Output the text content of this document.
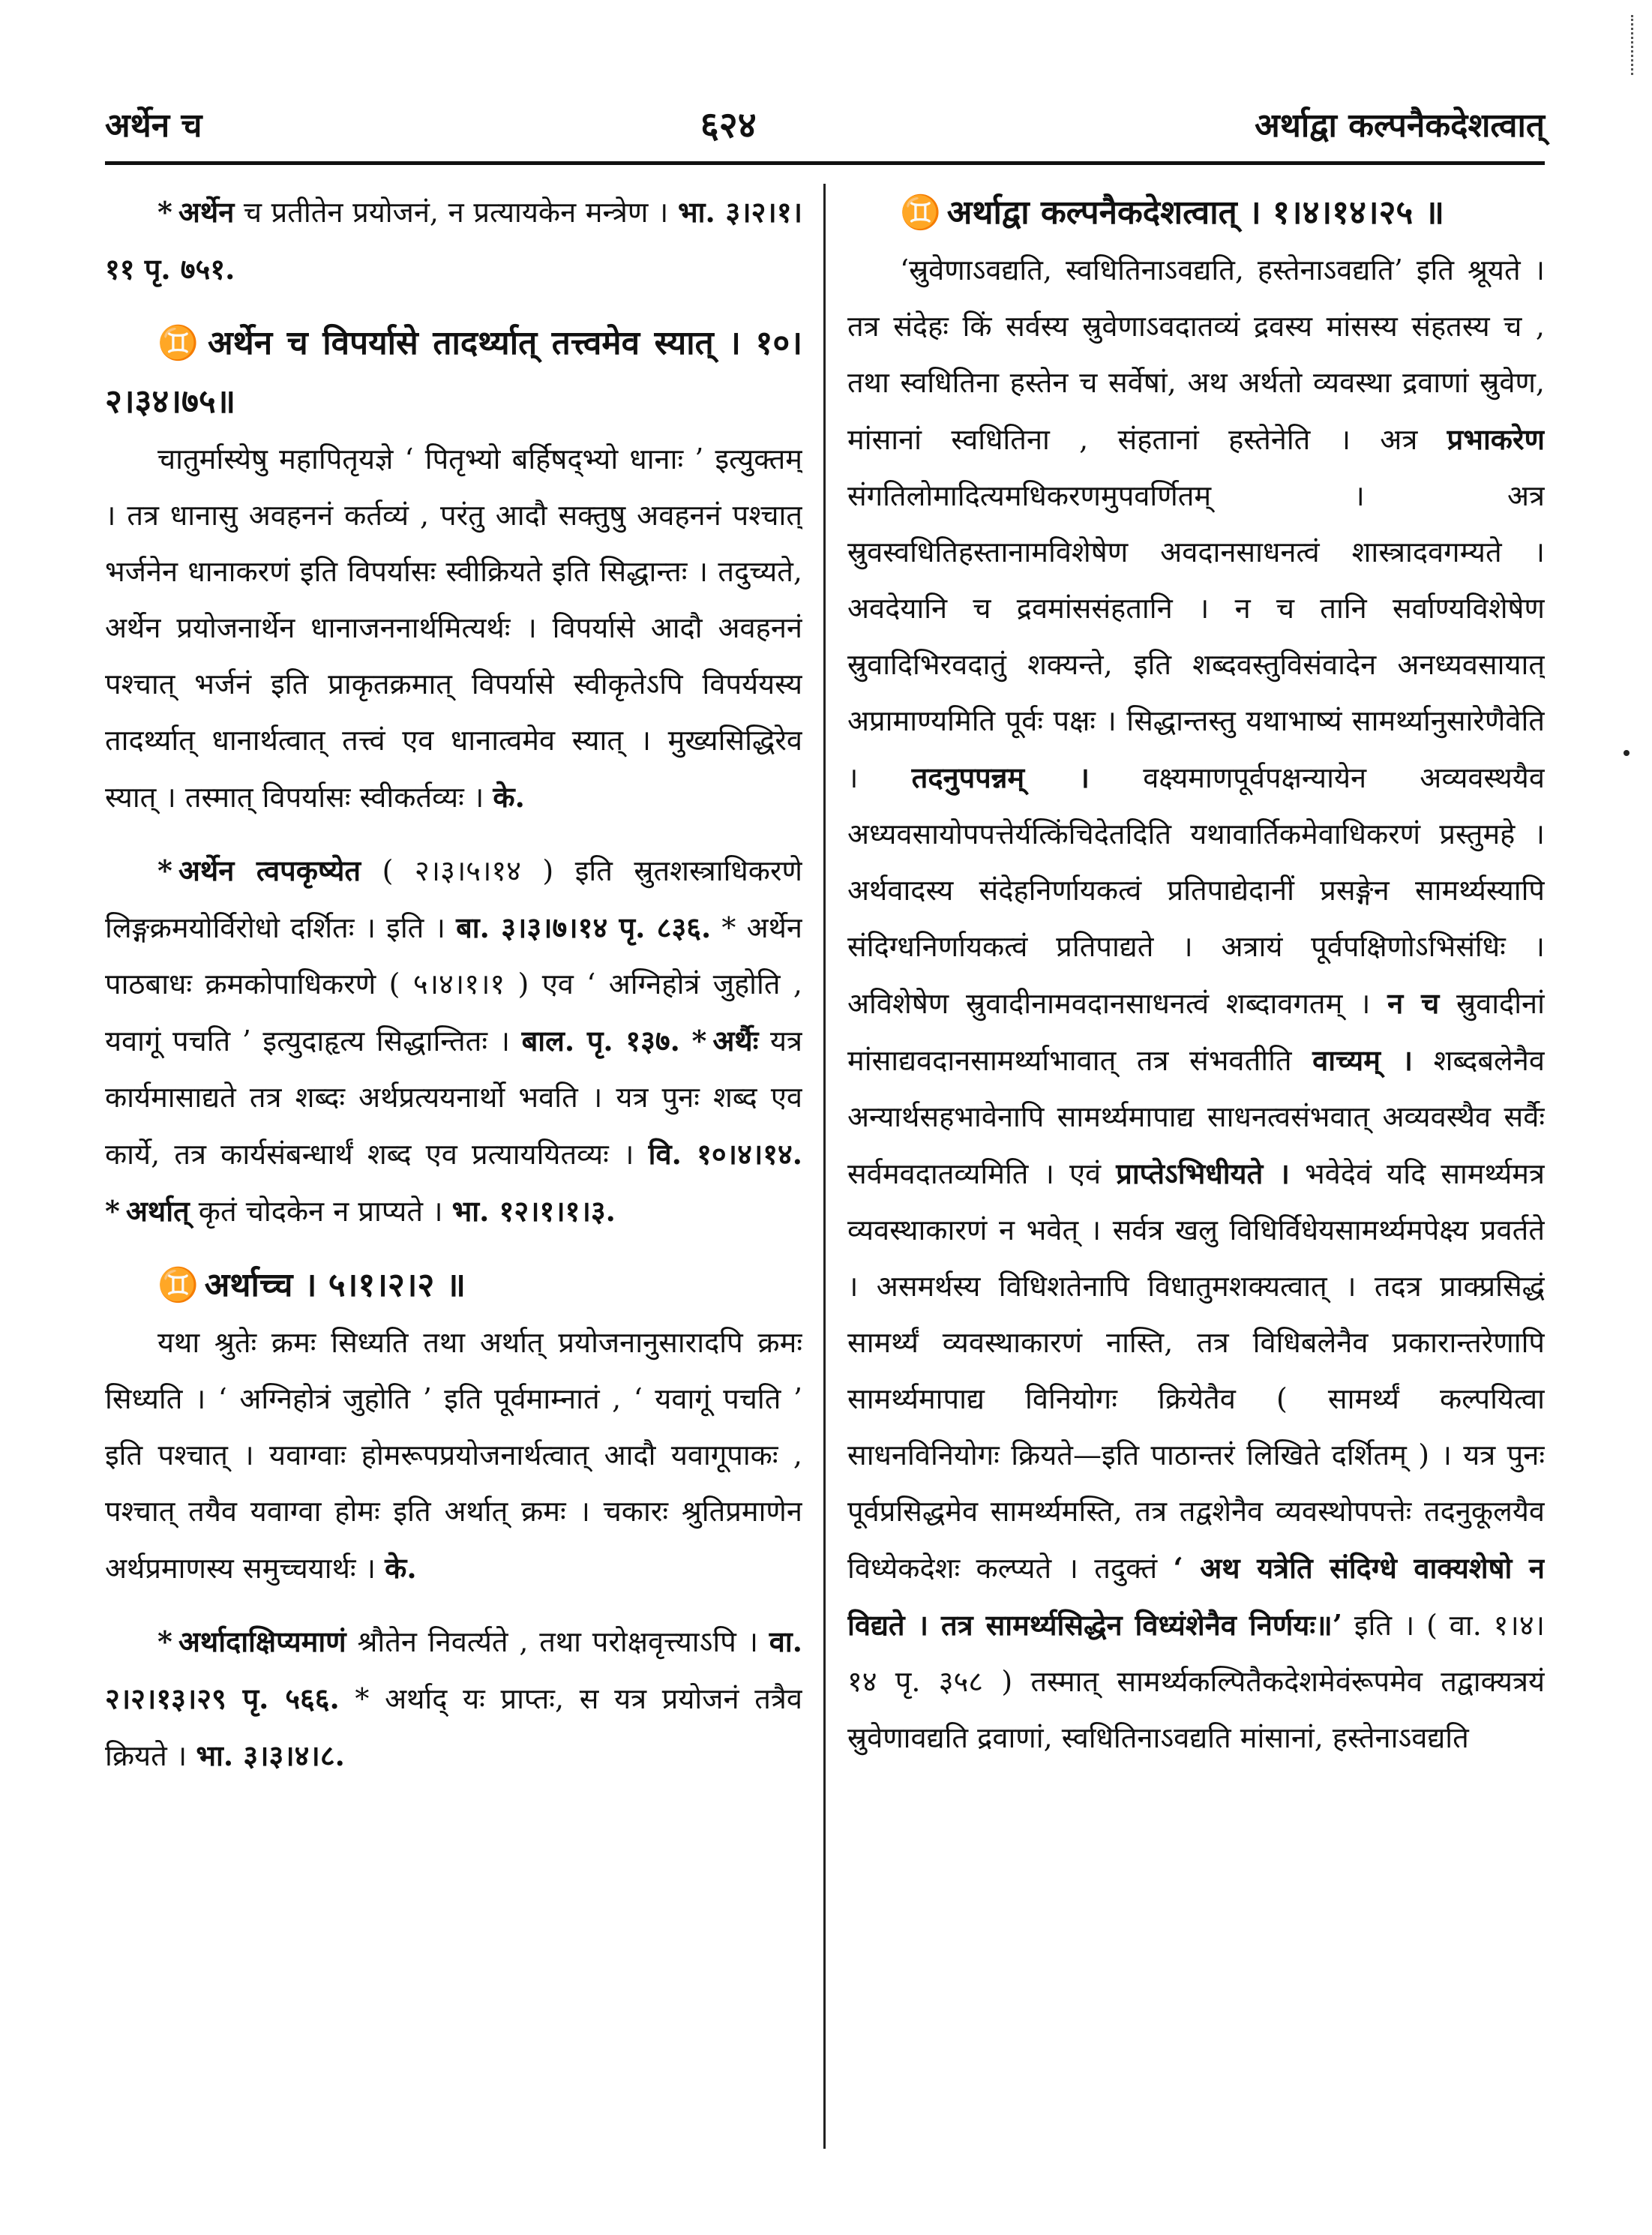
अर्थेन च	६२४	अर्थाद्वा कल्पनैकदेशत्वात्

* अर्थेन च प्रतीतेन प्रयोजनं, न प्रत्यायकेन मन्त्रेण । भा. ३।२।१।११ पृ. ७५१.

♊ अर्थेन च विपर्यासे तादर्थ्यात् तत्त्वमेव स्यात् । १०।२।३४।७५॥

चातुर्मास्येषु महापितृयज्ञे ‘ पितृभ्यो बर्हिषद्भ्यो धानाः ’ इत्युक्तम् । तत्र धानासु अवहननं कर्तव्यं , परंतु आदौ सक्तुषु अवहननं पश्चात् भर्जनेन धानाकरणं इति विपर्यासः स्वीक्रियते इति सिद्धान्तः । तदुच्यते, अर्थेन प्रयोजनार्थेन धानाजननार्थमित्यर्थः । विपर्यासे आदौ अवहननं पश्चात् भर्जनं इति प्राकृतक्रमात् विपर्यासे स्वीकृतेऽपि विपर्ययस्य तादर्थ्यात् धानार्थत्वात् तत्त्वं एव धानात्वमेव स्यात् । मुख्यसिद्धिरेव स्यात् । तस्मात् विपर्यासः स्वीकर्तव्यः । के.

* अर्थेन त्वपकृष्येत ( २।३।५।१४ ) इति स्रुतशस्त्राधिकरणे लिङ्गक्रमयोर्विरोधो दर्शितः । इति । बा. ३।३।७।१४ पृ. ८३६. * अर्थेन पाठबाधः क्रमकोपाधिकरणे ( ५।४।१।१ ) एव ‘ अग्निहोत्रं जुहोति , यवागूं पचति ’ इत्युदाहृत्य सिद्धान्तितः । बाल. पृ. १३७. * अर्थैः यत्र कार्यमासाद्यते तत्र शब्दः अर्थप्रत्ययनार्थो भवति । यत्र पुनः शब्द एव कार्ये, तत्र कार्यसंबन्धार्थं शब्द एव प्रत्याययितव्यः । वि. १०।४।१४. * अर्थात् कृतं चोदकेन न प्राप्यते । भा. १२।१।१।३.

♊ अर्थाच्च । ५।१।२।२ ॥

यथा श्रुतेः क्रमः सिध्यति तथा अर्थात् प्रयोजनानुसारादपि क्रमः सिध्यति । ‘ अग्निहोत्रं जुहोति ’ इति पूर्वमाम्नातं , ‘ यवागूं पचति ’ इति पश्चात् । यवाग्वाः होमरूपप्रयोजनार्थत्वात् आदौ यवागूपाकः , पश्चात् तयैव यवाग्वा होमः इति अर्थात् क्रमः । चकारः श्रुतिप्रमाणेन अर्थप्रमाणस्य समुच्चयार्थः । के.

* अर्थादाक्षिप्यमाणं श्रौतेन निवर्त्यते , तथा परोक्षवृत्त्याऽपि । वा. २।२।१३।२९ पृ. ५६६. * अर्थाद् यः प्राप्तः, स यत्र प्रयोजनं तत्रैव क्रियते । भा. ३।३।४।८.

♊ अर्थाद्वा कल्पनैकदेशत्वात् । १।४।१४।२५ ॥

‘स्रुवेणाऽवद्यति, स्वधितिनाऽवद्यति, हस्तेनाऽवद्यति’ इति श्रूयते । तत्र संदेहः किं सर्वस्य स्रुवेणाऽवदातव्यं द्रवस्य मांसस्य संहतस्य च , तथा स्वधितिना हस्तेन च सर्वेषां, अथ अर्थतो व्यवस्था द्रवाणां स्रुवेण, मांसानां स्वधितिना , संहतानां हस्तेनेति । अत्र प्रभाकरेण संगतिलोमादित्यमधिकरणमुपवर्णितम् । अत्र स्रुवस्वधितिहस्तानामविशेषेण अवदानसाधनत्वं शास्त्रादवगम्यते । अवदेयानि च द्रवमांससंहतानि । न च तानि सर्वाण्यविशेषेण स्रुवादिभिरवदातुं शक्यन्ते, इति शब्दवस्तुविसंवादेन अनध्यवसायात् अप्रामाण्यमिति पूर्वः पक्षः । सिद्धान्तस्तु यथाभाष्यं सामर्थ्यानुसारेणैवेति । तदनुपपन्नम् । वक्ष्यमाणपूर्वपक्षन्यायेन अव्यवस्थयैव अध्यवसायोपपत्तेर्यत्किंचिदेतदिति यथावार्तिकमेवाधिकरणं प्रस्तुमहे । अर्थवादस्य संदेहनिर्णायकत्वं प्रतिपाद्येदानीं प्रसङ्गेन सामर्थ्यस्यापि संदिग्धनिर्णायकत्वं प्रतिपाद्यते । अत्रायं पूर्वपक्षिणोऽभिसंधिः । अविशेषेण स्रुवादीनामवदानसाधनत्वं शब्दावगतम् । न च स्रुवादीनां मांसाद्यवदानसामर्थ्याभावात् तत्र संभवतीति वाच्यम् । शब्दबलेनैव अन्यार्थसहभावेनापि सामर्थ्यमापाद्य साधनत्वसंभवात् अव्यवस्थैव सर्वैः सर्वमवदातव्यमिति । एवं प्राप्तेऽभिधीयते । भवेदेवं यदि सामर्थ्यमत्र व्यवस्थाकारणं न भवेत् । सर्वत्र खलु विधिर्विधेयसामर्थ्यमपेक्ष्य प्रवर्तते । असमर्थस्य विधिशतेनापि विधातुमशक्यत्वात् । तदत्र प्राक्प्रसिद्धं सामर्थ्यं व्यवस्थाकारणं नास्ति, तत्र विधिबलेनैव प्रकारान्तरेणापि सामर्थ्यमापाद्य विनियोगः क्रियेतैव ( सामर्थ्यं कल्पयित्वा साधनविनियोगः क्रियते—इति पाठान्तरं लिखिते दर्शितम् ) । यत्र पुनः पूर्वप्रसिद्धमेव सामर्थ्यमस्ति, तत्र तद्वशेनैव व्यवस्थोपपत्तेः तदनुकूलयैव विध्येकदेशः कल्प्यते । तदुक्तं ‘ अथ यत्रेति संदिग्धे वाक्यशेषो न विद्यते । तत्र सामर्थ्यसिद्धेन विध्यंशेनैव निर्णयः॥’ इति । ( वा. १।४।१४ पृ. ३५८ ) तस्मात् सामर्थ्यकल्पितैकदेशमेवंरूपमेव तद्वाक्यत्रयं स्रुवेणावद्यति द्रवाणां, स्वधितिनाऽवद्यति मांसानां, हस्तेनाऽवद्यति
